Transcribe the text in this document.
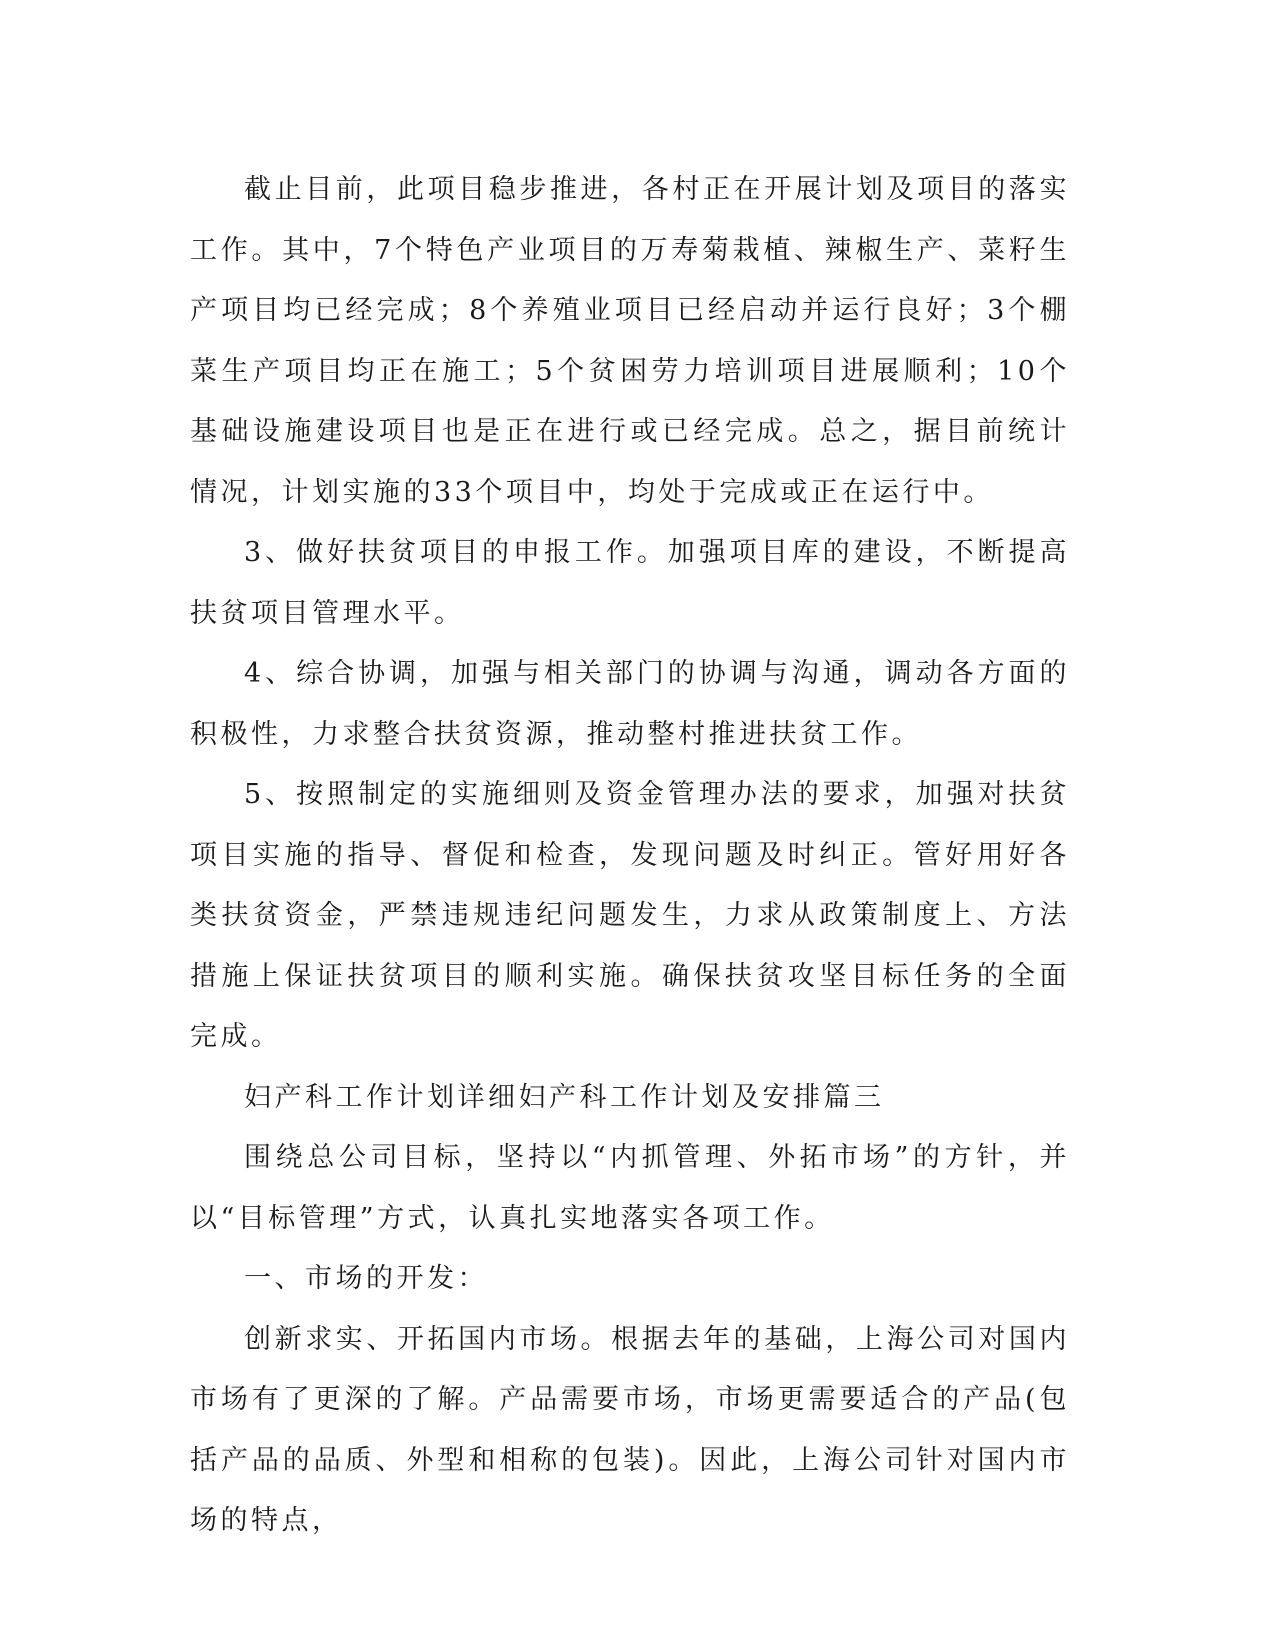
截止目前，此项目稳步推进，各村正在开展计划及项目的落实工作。其中，7个特色产业项目的万寿菊栽植、辣椒生产、菜籽生产项目均已经完成；8个养殖业项目已经启动并运行良好；3个棚菜生产项目均正在施工；5个贫困劳力培训项目进展顺利；10个基础设施建设项目也是正在进行或已经完成。总之，据目前统计情况，计划实施的33个项目中，均处于完成或正在运行中。

3、做好扶贫项目的申报工作。加强项目库的建设，不断提高扶贫项目管理水平。

4、综合协调，加强与相关部门的协调与沟通，调动各方面的积极性，力求整合扶贫资源，推动整村推进扶贫工作。

5、按照制定的实施细则及资金管理办法的要求，加强对扶贫项目实施的指导、督促和检查，发现问题及时纠正。管好用好各类扶贫资金，严禁违规违纪问题发生，力求从政策制度上、方法措施上保证扶贫项目的顺利实施。确保扶贫攻坚目标任务的全面完成。

妇产科工作计划详细妇产科工作计划及安排篇三

围绕总公司目标，坚持以“内抓管理、外拓市场”的方针，并以“目标管理”方式，认真扎实地落实各项工作。

一、市场的开发：

创新求实、开拓国内市场。根据去年的基础，上海公司对国内市场有了更深的了解。产品需要市场，市场更需要适合的产品(包括产品的品质、外型和相称的包装)。因此，上海公司针对国内市场的特点，
